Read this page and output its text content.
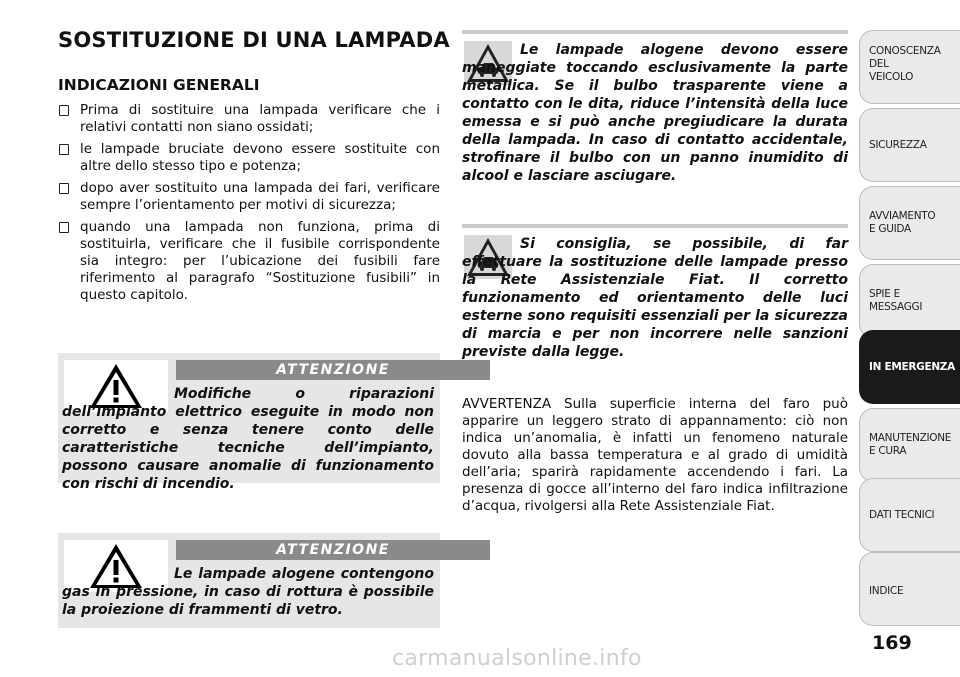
SOSTITUZIONE DI UNA LAMPADA
INDICAZIONI GENERALI
Prima di sostituire una lampada verificare che i relativi contatti non siano ossidati;
le lampade bruciate devono essere sostituite con altre dello stesso tipo e potenza;
dopo aver sostituito una lampada dei fari, verificare sempre l’orientamento per motivi di sicurezza;
quando una lampada non funziona, prima di sostituirla, verificare che il fusibile corrispondente sia integro: per l’ubicazione dei fusibili fare riferimento al paragrafo “Sostituzione fusibili” in questo capitolo.
ATTENZIONE
Modifiche o riparazioni dell’impianto elettrico eseguite in modo non corretto e senza tenere conto delle caratteristiche tecniche dell’impianto, possono causare anomalie di funzionamento con rischi di incendio.
ATTENZIONE
Le lampade alogene contengono gas in pressione, in caso di rottura è possibile la proiezione di frammenti di vetro.
Le lampade alogene devono essere maneggiate toccando esclusivamente la parte metallica. Se il bulbo trasparente viene a contatto con le dita, riduce l’intensità della luce emessa e si può anche pregiudicare la durata della lampada. In caso di contatto accidentale, strofinare il bulbo con un panno inumidito di alcool e lasciare asciugare.
Si consiglia, se possibile, di far effettuare la sostituzione delle lampade presso la Rete Assistenziale Fiat. Il corretto funzionamento ed orientamento delle luci esterne sono requisiti essenziali per la sicurezza di marcia e per non incorrere nelle sanzioni previste dalla legge.
AVVERTENZA Sulla superficie interna del faro può apparire un leggero strato di appannamento: ciò non indica un’anomalia, è infatti un fenomeno naturale dovuto alla bassa temperatura e al grado di umidità dell’aria; sparirà rapidamente accendendo i fari. La presenza di gocce all’interno del faro indica infiltrazione d’acqua, rivolgersi alla Rete Assistenziale Fiat.
CONOSCENZA
DEL
VEICOLO
SICUREZZA
AVVIAMENTO
E GUIDA
SPIE E
MESSAGGI
IN EMERGENZA
MANUTENZIONE
E CURA
DATI TECNICI
INDICE
169
carmanualsonline.info
